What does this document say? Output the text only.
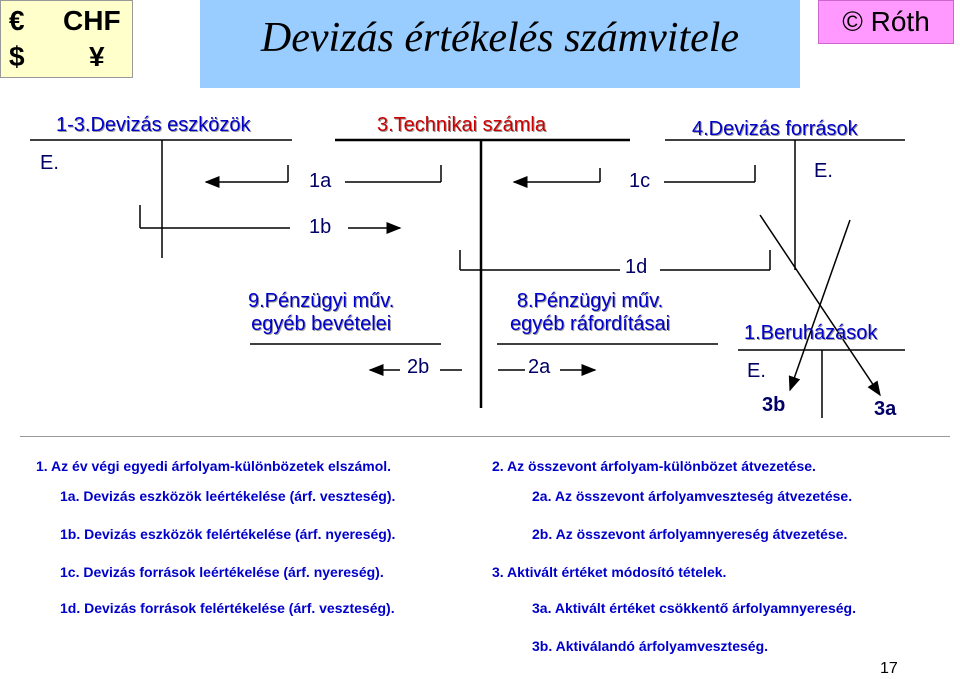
€ CHF
$ ¥	Devizás értékelés számvitele	© Róth
1-3.Devizás eszközök	3.Technikai számla	4.Devizás források
9.Pénzügyi műv.
egyéb bevételei
8.Pénzügyi műv.
egyéb ráfordításai	1.Beruházások
E.	E.
E.
1a
1b
1c
1d
2b	2a
3b	3a
1. Az év végi egyedi árfolyam-különbözetek elszámol.
1a. Devizás eszközök leértékelése (árf. veszteség).
1b. Devizás eszközök felértékelése (árf. nyereség).
1c. Devizás források leértékelése (árf. nyereség).
1d. Devizás források felértékelése (árf. veszteség).
2. Az összevont árfolyam-különbözet átvezetése.
2a. Az összevont árfolyamveszteség átvezetése.
2b. Az összevont árfolyamnyereség átvezetése.
3. Aktivált értéket módosító tételek.
3a. Aktivált értéket csökkentő árfolyamnyereség.
3b. Aktiválandó árfolyamveszteség.
17
